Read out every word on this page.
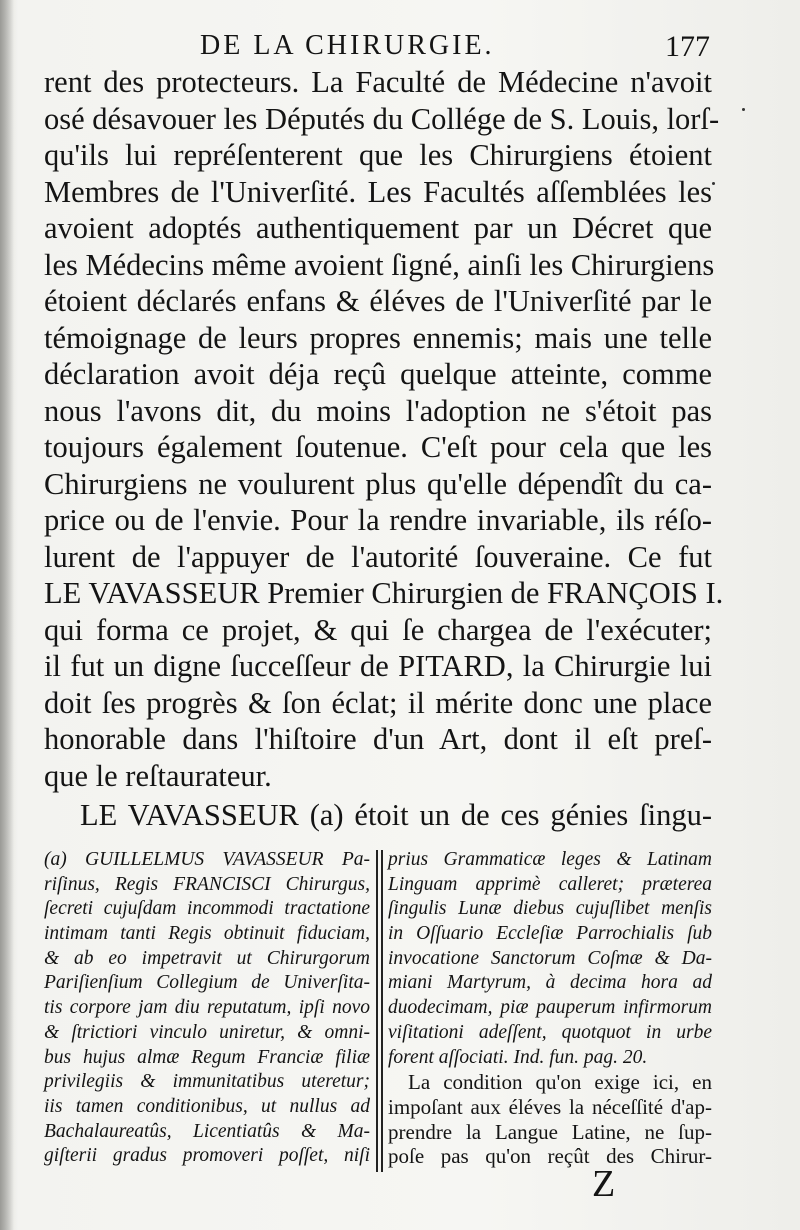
DE LA CHIRURGIE.	177
rent des protecteurs. La Faculté de Médecine n'avoit
osé désavouer les Députés du Collége de S. Louis, lorſ-
qu'ils lui repréſenterent que les Chirurgiens étoient
Membres de l'Univerſité. Les Facultés aſſemblées les
avoient adoptés authentiquement par un Décret que
les Médecins même avoient ſigné, ainſi les Chirurgiens
étoient déclarés enfans & éléves de l'Univerſité par le
témoignage de leurs propres ennemis; mais une telle
déclaration avoit déja reçû quelque atteinte, comme
nous l'avons dit, du moins l'adoption ne s'étoit pas
toujours également ſoutenue. C'eſt pour cela que les
Chirurgiens ne voulurent plus qu'elle dépendît du ca-
price ou de l'envie. Pour la rendre invariable, ils réſo-
lurent de l'appuyer de l'autorité ſouveraine. Ce fut
LE VAVASSEUR Premier Chirurgien de FRANÇOIS I.
qui forma ce projet, & qui ſe chargea de l'exécuter;
il fut un digne ſucceſſeur de PITARD, la Chirurgie lui
doit ſes progrès & ſon éclat; il mérite donc une place
honorable dans l'hiſtoire d'un Art, dont il eſt preſ-
que le reſtaurateur.
LE VAVASSEUR (a) étoit un de ces génies ſingu-
(a) GUILLELMUS VAVASSEUR Pa-
riſinus, Regis FRANCISCI Chirurgus,
ſecreti cujuſdam incommodi tractatione
intimam tanti Regis obtinuit fiduciam,
& ab eo impetravit ut Chirurgorum
Pariſienſium Collegium de Univerſita-
tis corpore jam diu reputatum, ipſi novo
& ſtrictiori vinculo uniretur, & omni-
bus hujus almæ Regum Franciæ filiæ
privilegiis & immunitatibus uteretur;
iis tamen conditionibus, ut nullus ad
Bachalaureatûs, Licentiatûs & Ma-
giſterii gradus promoveri poſſet, niſi
prius Grammaticæ leges & Latinam
Linguam apprimè calleret; præterea
ſingulis Lunæ diebus cujuſlibet menſis
in Oſſuario Eccleſiæ Parrochialis ſub
invocatione Sanctorum Coſmæ & Da-
miani Martyrum, à decima hora ad
duodecimam, piæ pauperum infirmorum
viſitationi adeſſent, quotquot in urbe
forent aſſociati. Ind. fun. pag. 20.
La condition qu'on exige ici, en
impoſant aux éléves la néceſſité d'ap-
prendre la Langue Latine, ne ſup-
poſe pas qu'on reçût des Chirur-
Z
